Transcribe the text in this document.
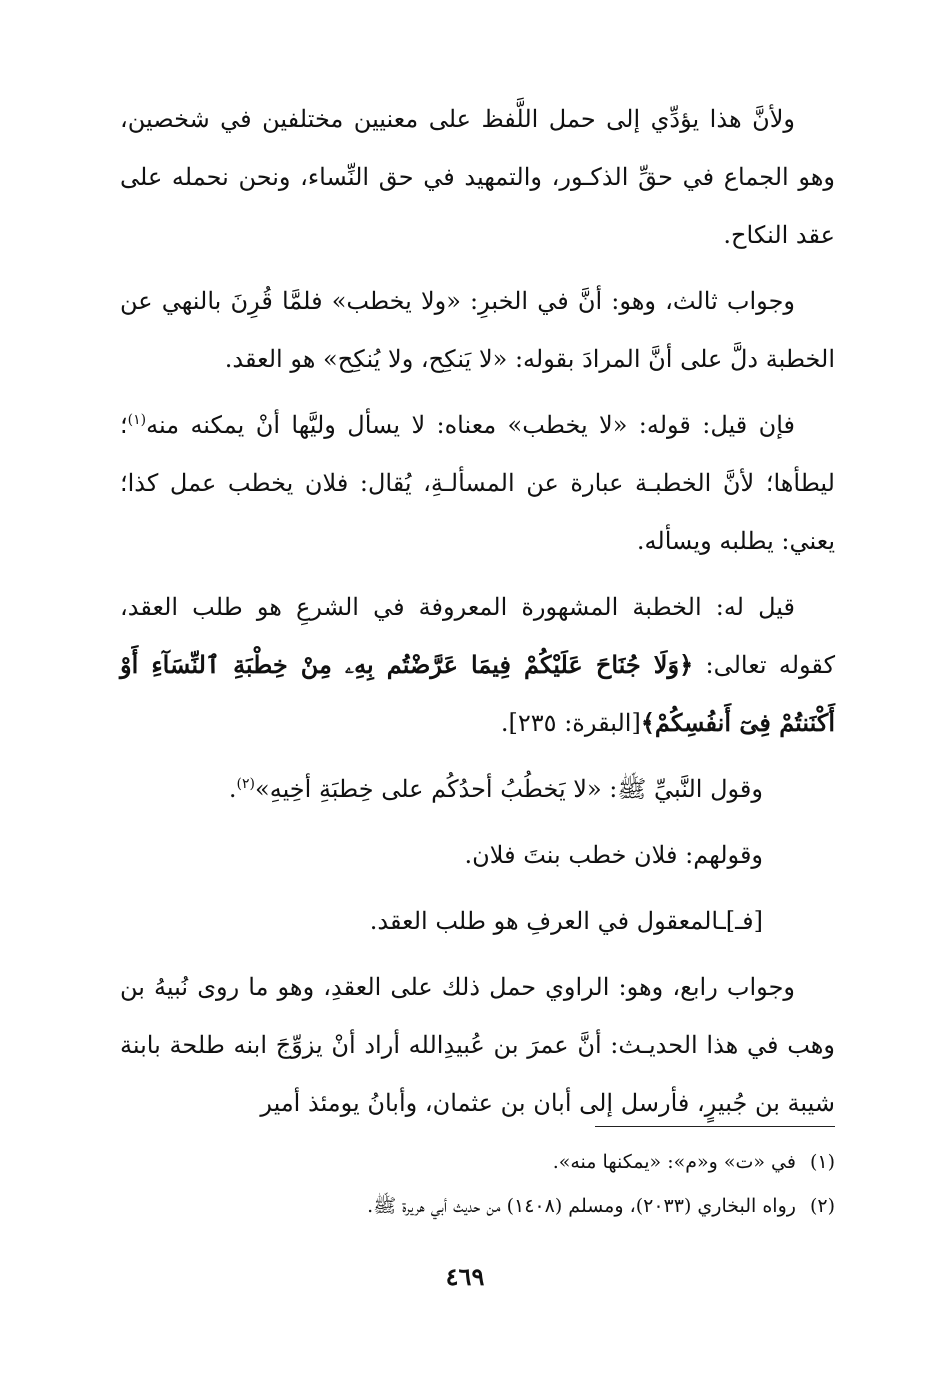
ولأنَّ هذا يؤدِّي إلى حمل اللَّفظ على معنيين مختلفين في شخصين، وهو الجماع في حقِّ الذكـور، والتمهيد في حق النِّساء، ونحن نحمله على عقد النكاح.

وجواب ثالث، وهو: أنَّ في الخبرِ: «ولا يخطب» فلمَّا قُرِنَ بالنهي عن الخطبة دلَّ على أنَّ المرادَ بقوله: «لا يَنكِح، ولا يُنكِح» هو العقد.

فإن قيل: قوله: «لا يخطب» معناه: لا يسأل وليَّها أنْ يمكنه منه$^{(١)}$؛ ليطأها؛ لأنَّ الخطبـة عبارة عن المسألـةِ، يُقال: فلان يخطب عمل كذا؛ يعني: يطلبه ويسأله.

قيل له: الخطبة المشهورة المعروفة في الشرعِ هو طلب العقد، كقوله تعالى: ﴿وَلَا جُنَاحَ عَلَيْكُمْ فِيمَا عَرَّضْتُم بِهِۦ مِنْ خِطْبَةِ ٱلنِّسَآءِ أَوْ أَكْنَنتُمْ فِىٓ أَنفُسِكُمْ﴾[البقرة: ٢٣٥].

وقول النَّبيِّ ﷺ: «لا يَخطُبُ أحدُكُم على خِطبَةِ أخِيهِ»$^{(٢)}$.

وقولهم: فلان خطب بنتَ فلان.

[فـ]ـالمعقول في العرفِ هو طلب العقد.

وجواب رابع، وهو: الراوي حمل ذلك على العقدِ، وهو ما روى نُبيهُ بن وهب في هذا الحديـث: أنَّ عمرَ بن عُبيدِالله أراد أنْ يزوِّجَ ابنه طلحة بابنة شيبة بن جُبيرٍ، فأرسل إلى أبان بن عثمان، وأبانُ يومئذ أمير

(١)في «ت» و«م»: «يمكنها منه».
(٢)رواه البخاري (٢٠٣٣)، ومسلم (١٤٠٨) من حديث أبي هريرة ﷺ.
٤٦٩
